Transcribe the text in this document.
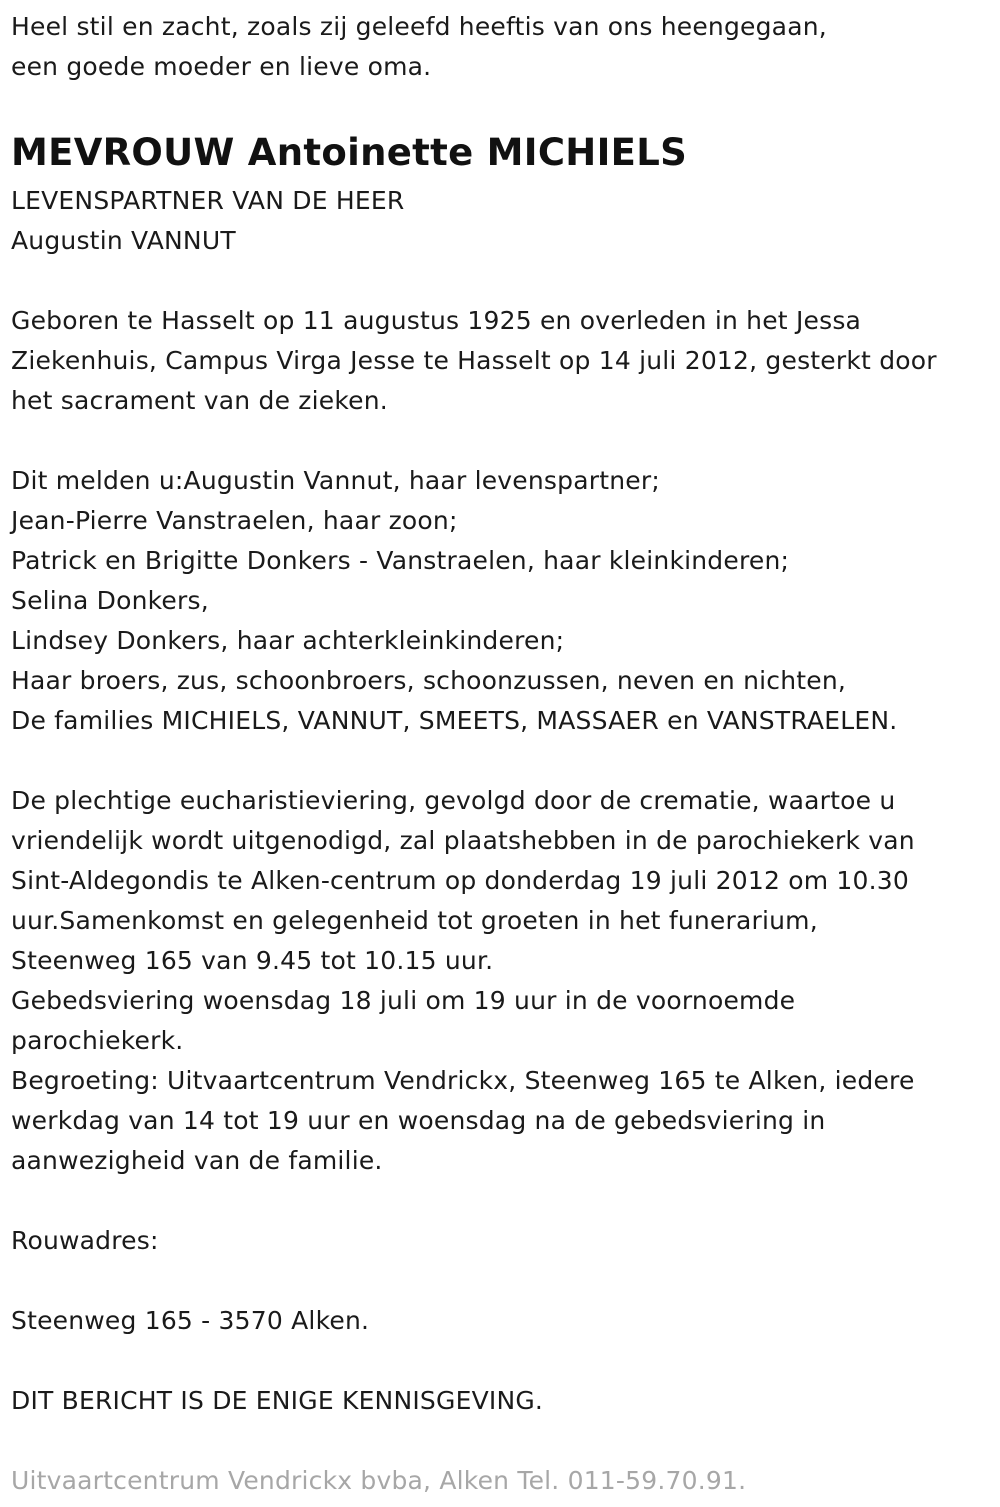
Heel stil en zacht, zoals zij geleefd heeftis van ons heengegaan,
een goede moeder en lieve oma.
MEVROUW Antoinette MICHIELS
LEVENSPARTNER VAN DE HEER
Augustin VANNUT
Geboren te Hasselt op 11 augustus 1925 en overleden in het Jessa
Ziekenhuis, Campus Virga Jesse te Hasselt op 14 juli 2012, gesterkt door
het sacrament van de zieken.
Dit melden u:Augustin Vannut, haar levenspartner;
Jean-Pierre Vanstraelen, haar zoon;
Patrick en Brigitte Donkers - Vanstraelen, haar kleinkinderen;
Selina Donkers,
Lindsey Donkers, haar achterkleinkinderen;
Haar broers, zus, schoonbroers, schoonzussen, neven en nichten,
De families MICHIELS, VANNUT, SMEETS, MASSAER en VANSTRAELEN.
De plechtige eucharistieviering, gevolgd door de crematie, waartoe u
vriendelijk wordt uitgenodigd, zal plaatshebben in de parochiekerk van
Sint-Aldegondis te Alken-centrum op donderdag 19 juli 2012 om 10.30
uur.Samenkomst en gelegenheid tot groeten in het funerarium,
Steenweg 165 van 9.45 tot 10.15 uur.
Gebedsviering woensdag 18 juli om 19 uur in de voornoemde
parochiekerk.
Begroeting: Uitvaartcentrum Vendrickx, Steenweg 165 te Alken, iedere
werkdag van 14 tot 19 uur en woensdag na de gebedsviering in
aanwezigheid van de familie.
Rouwadres:
Steenweg 165 - 3570 Alken.
DIT BERICHT IS DE ENIGE KENNISGEVING.
Uitvaartcentrum Vendrickx bvba, Alken Tel. 011-59.70.91.
